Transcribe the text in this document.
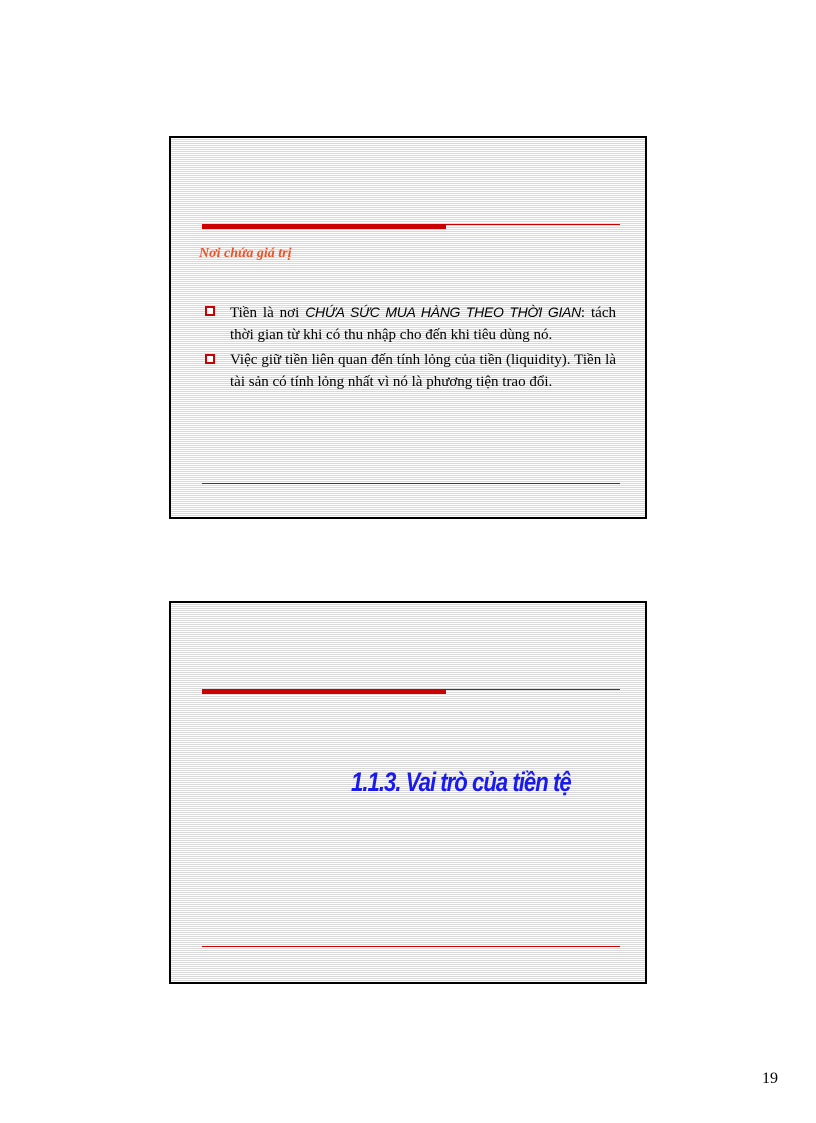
Nơi chứa giá trị
Tiền là nơi CHỨA SỨC MUA HÀNG THEO THỜI GIAN: tách thời gian từ khi có thu nhập cho đến khi tiêu dùng nó.
Việc giữ tiền liên quan đến tính lỏng của tiền (liquidity). Tiền là tài sản có tính lỏng nhất vì nó là phương tiện trao đổi.
1.1.3. Vai trò của tiền tệ
19
